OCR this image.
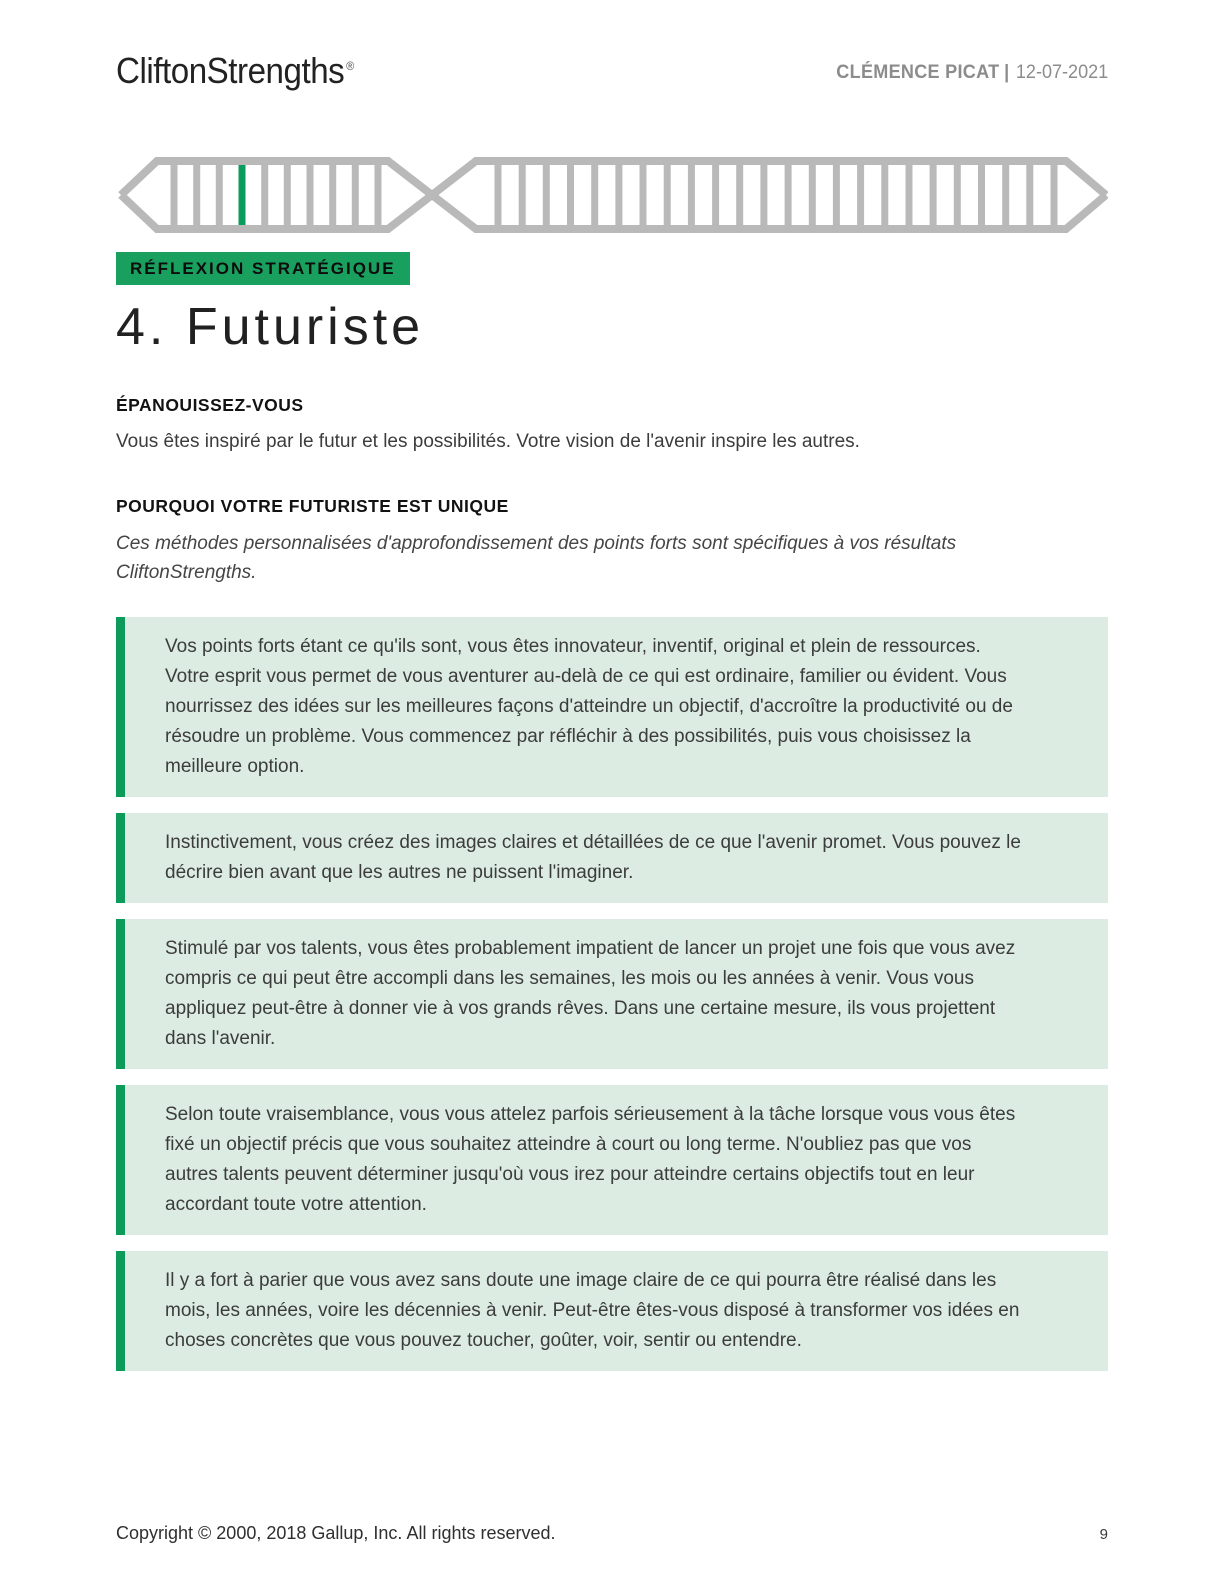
CliftonStrengths ®	CLÉMENCE PICAT | 12-07-2021
RÉFLEXION STRATÉGIQUE
4. Futuriste
ÉPANOUISSEZ-VOUS
Vous êtes inspiré par le futur et les possibilités. Votre vision de l'avenir inspire les autres.
POURQUOI VOTRE FUTURISTE EST UNIQUE
Ces méthodes personnalisées d'approfondissement des points forts sont spécifiques à vos résultats CliftonStrengths.

Vos points forts étant ce qu'ils sont, vous êtes innovateur, inventif, original et plein de ressources. Votre esprit vous permet de vous aventurer au-delà de ce qui est ordinaire, familier ou évident. Vous nourrissez des idées sur les meilleures façons d'atteindre un objectif, d'accroître la productivité ou de résoudre un problème. Vous commencez par réfléchir à des possibilités, puis vous choisissez la meilleure option.

Instinctivement, vous créez des images claires et détaillées de ce que l'avenir promet. Vous pouvez le décrire bien avant que les autres ne puissent l'imaginer.

Stimulé par vos talents, vous êtes probablement impatient de lancer un projet une fois que vous avez compris ce qui peut être accompli dans les semaines, les mois ou les années à venir. Vous vous appliquez peut-être à donner vie à vos grands rêves. Dans une certaine mesure, ils vous projettent dans l'avenir.

Selon toute vraisemblance, vous vous attelez parfois sérieusement à la tâche lorsque vous vous êtes fixé un objectif précis que vous souhaitez atteindre à court ou long terme. N'oubliez pas que vos autres talents peuvent déterminer jusqu'où vous irez pour atteindre certains objectifs tout en leur accordant toute votre attention.

Il y a fort à parier que vous avez sans doute une image claire de ce qui pourra être réalisé dans les mois, les années, voire les décennies à venir. Peut-être êtes-vous disposé à transformer vos idées en choses concrètes que vous pouvez toucher, goûter, voir, sentir ou entendre.

Copyright © 2000, 2018 Gallup, Inc. All rights reserved.	9
